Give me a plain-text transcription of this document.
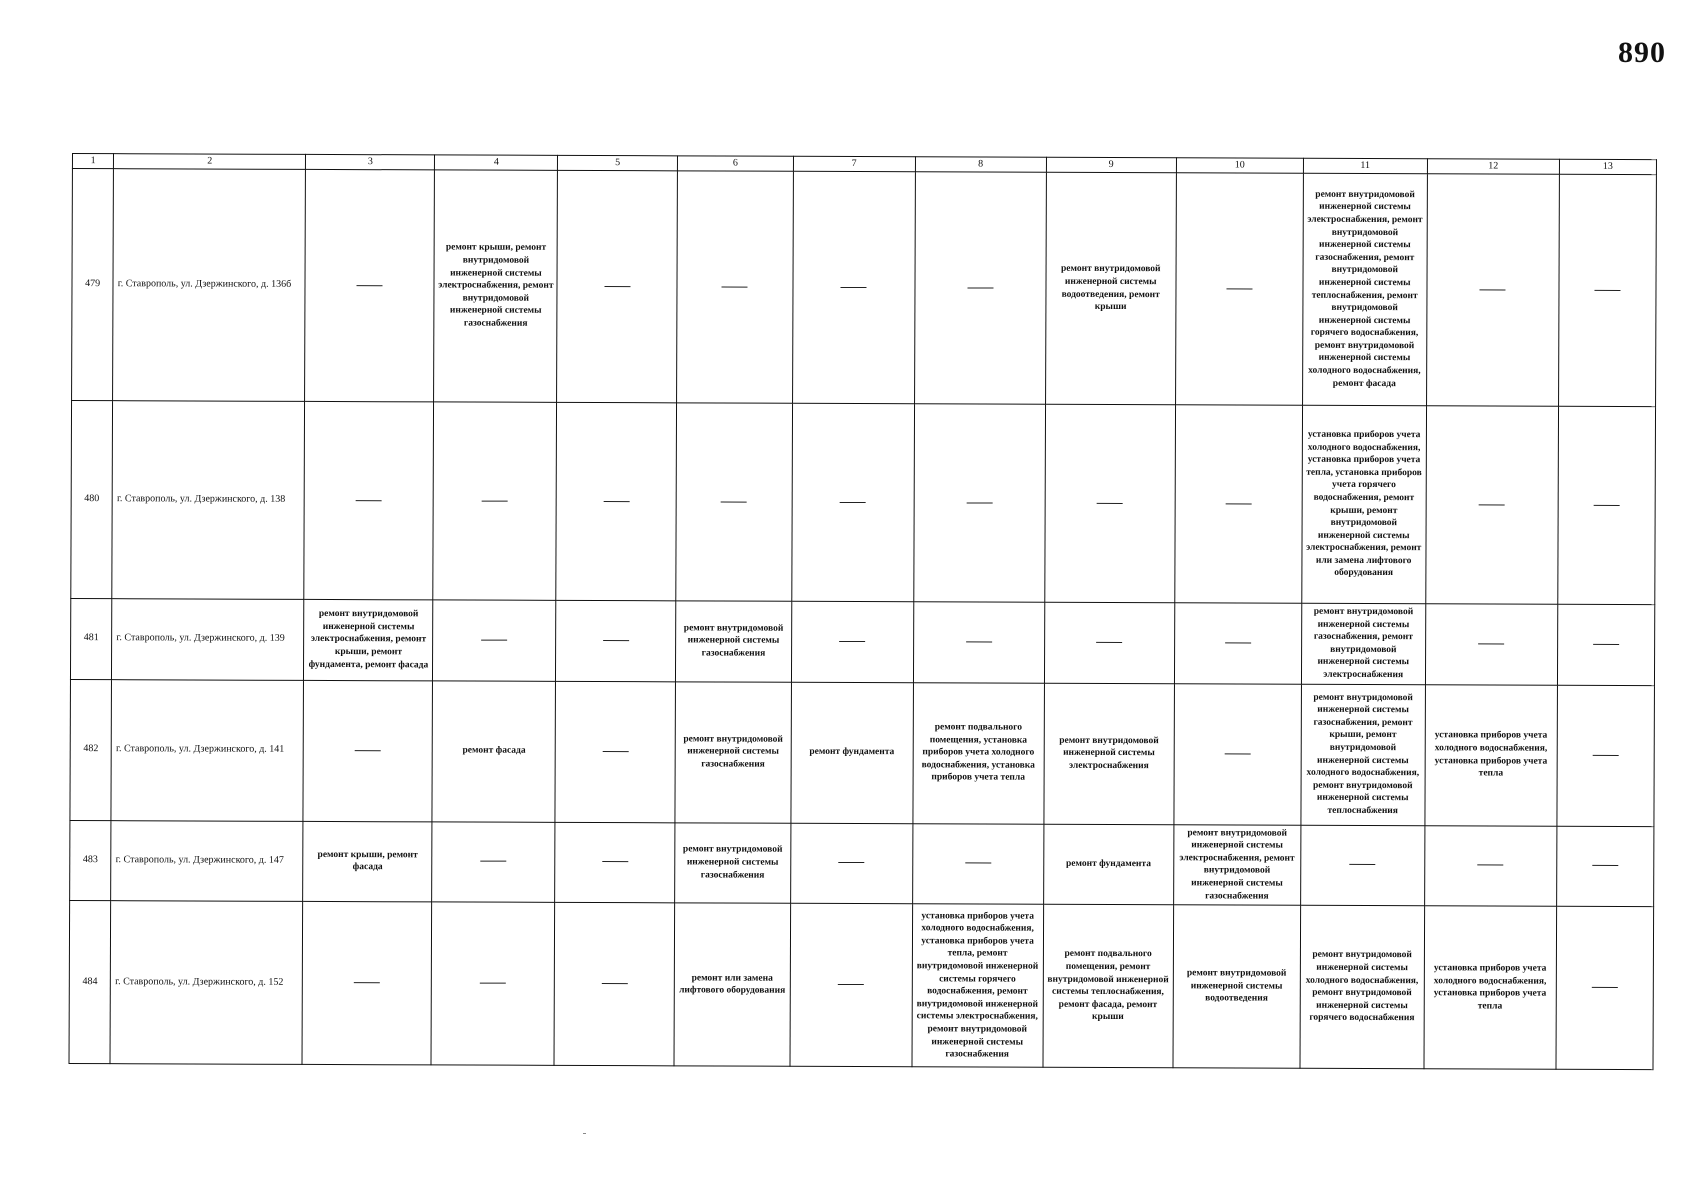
890
1	2	3	4	5	6	7	8	9	10	11	12	13
479	г. Ставрополь, ул. Дзержинского, д. 136б		ремонт крыши, ремонт внутридомовой инженерной системы электроснабжения, ремонт внутридомовой инженерной системы газоснабжения					ремонт внутридомовой инженерной системы водоотведения, ремонт крыши		ремонт внутридомовой инженерной системы электроснабжения, ремонт внутридомовой инженерной системы газоснабжения, ремонт внутридомовой инженерной системы теплоснабжения, ремонт внутридомовой инженерной системы горячего водоснабжения, ремонт внутридомовой инженерной системы холодного водоснабжения, ремонт фасада		
480	г. Ставрополь, ул. Дзержинского, д. 138									установка приборов учета холодного водоснабжения, установка приборов учета тепла, установка приборов учета горячего водоснабжения, ремонт крыши, ремонт внутридомовой инженерной системы электроснабжения, ремонт или замена лифтового оборудования		
481	г. Ставрополь, ул. Дзержинского, д. 139	ремонт внутридомовой инженерной системы электроснабжения, ремонт крыши, ремонт фундамента, ремонт фасада			ремонт внутридомовой инженерной системы газоснабжения					ремонт внутридомовой инженерной системы газоснабжения, ремонт внутридомовой инженерной системы электроснабжения		
482	г. Ставрополь, ул. Дзержинского, д. 141		ремонт фасада		ремонт внутридомовой инженерной системы газоснабжения	ремонт фундамента	ремонт подвального помещения, установка приборов учета холодного водоснабжения, установка приборов учета тепла	ремонт внутридомовой инженерной системы электроснабжения		ремонт внутридомовой инженерной системы газоснабжения, ремонт крыши, ремонт внутридомовой инженерной системы холодного водоснабжения, ремонт внутридомовой инженерной системы теплоснабжения	установка приборов учета холодного водоснабжения, установка приборов учета тепла	
483	г. Ставрополь, ул. Дзержинского, д. 147	ремонт крыши, ремонт фасада			ремонт внутридомовой инженерной системы газоснабжения			ремонт фундамента	ремонт внутридомовой инженерной системы электроснабжения, ремонт внутридомовой инженерной системы газоснабжения			
484	г. Ставрополь, ул. Дзержинского, д. 152				ремонт или замена лифтового оборудования		установка приборов учета холодного водоснабжения, установка приборов учета тепла, ремонт внутридомовой инженерной системы горячего водоснабжения, ремонт внутридомовой инженерной системы электроснабжения, ремонт внутридомовой инженерной системы газоснабжения	ремонт подвального помещения, ремонт внутридомовой инженерной системы теплоснабжения, ремонт фасада, ремонт крыши	ремонт внутридомовой инженерной системы водоотведения	ремонт внутридомовой инженерной системы холодного водоснабжения, ремонт внутридомовой инженерной системы горячего водоснабжения	установка приборов учета холодного водоснабжения, установка приборов учета тепла	
